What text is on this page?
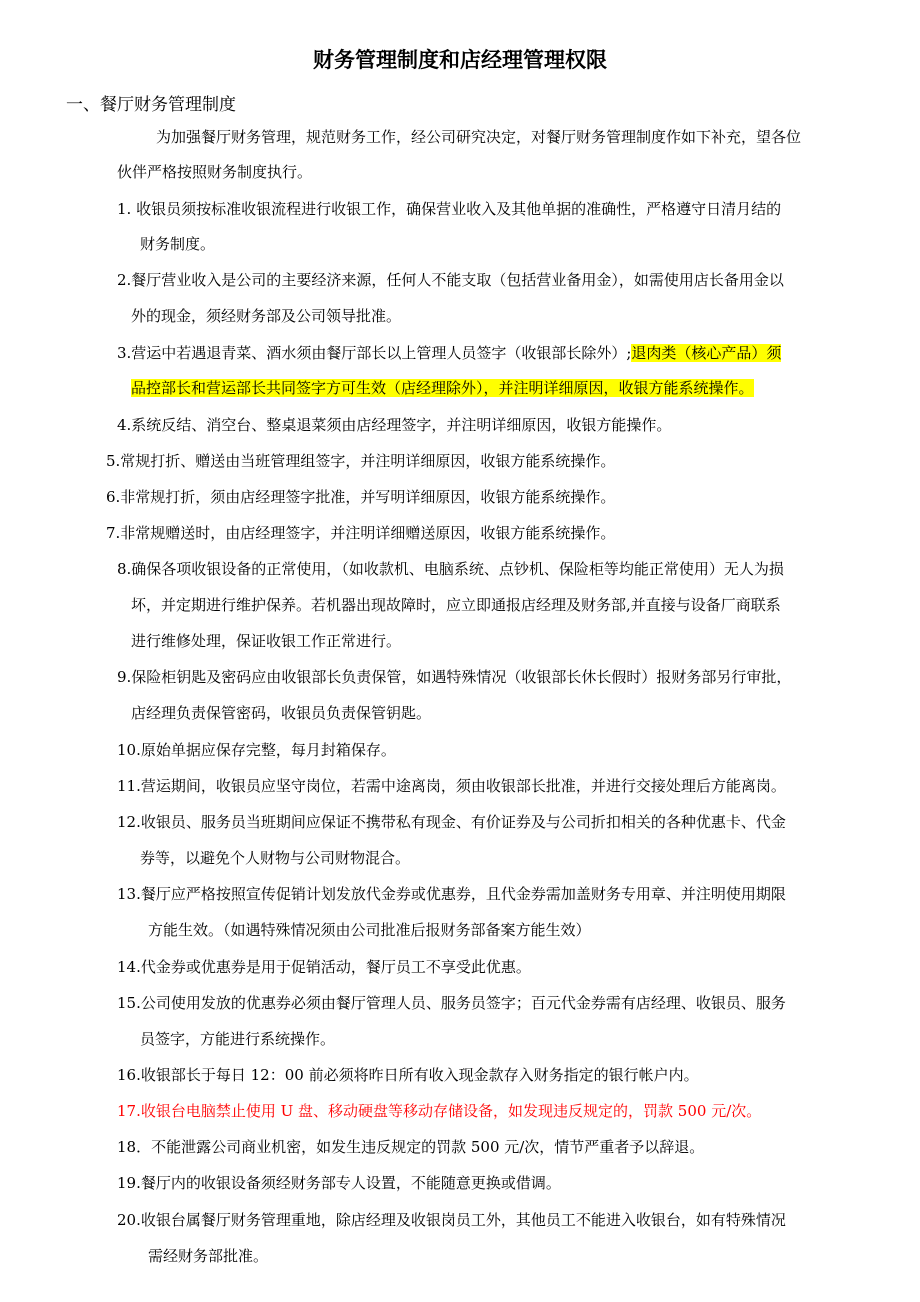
财务管理制度和店经理管理权限
一、餐厅财务管理制度
为加强餐厅财务管理，规范财务工作，经公司研究决定，对餐厅财务管理制度作如下补充，望各位
伙伴严格按照财务制度执行。
1. 收银员须按标准收银流程进行收银工作，确保营业收入及其他单据的准确性，严格遵守日清月结的
财务制度。
2.餐厅营业收入是公司的主要经济来源，任何人不能支取（包括营业备用金），如需使用店长备用金以
外的现金，须经财务部及公司领导批准。
3.营运中若遇退青菜、酒水须由餐厅部长以上管理人员签字（收银部长除外）;退肉类（核心产品）须
品控部长和营运部长共同签字方可生效（店经理除外），并注明详细原因，收银方能系统操作。
4.系统反结、消空台、整桌退菜须由店经理签字，并注明详细原因，收银方能操作。
5.常规打折、赠送由当班管理组签字，并注明详细原因，收银方能系统操作。
6.非常规打折，须由店经理签字批准，并写明详细原因，收银方能系统操作。
7.非常规赠送时，由店经理签字，并注明详细赠送原因，收银方能系统操作。
8.确保各项收银设备的正常使用，（如收款机、电脑系统、点钞机、保险柜等均能正常使用）无人为损
坏，并定期进行维护保养。若机器出现故障时，应立即通报店经理及财务部,并直接与设备厂商联系
进行维修处理，保证收银工作正常进行。
9.保险柜钥匙及密码应由收银部长负责保管，如遇特殊情况（收银部长休长假时）报财务部另行审批，
店经理负责保管密码，收银员负责保管钥匙。
10.原始单据应保存完整，每月封箱保存。
11.营运期间，收银员应坚守岗位，若需中途离岗，须由收银部长批准，并进行交接处理后方能离岗。
12.收银员、服务员当班期间应保证不携带私有现金、有价证券及与公司折扣相关的各种优惠卡、代金
券等，以避免个人财物与公司财物混合。
13.餐厅应严格按照宣传促销计划发放代金券或优惠券，且代金券需加盖财务专用章、并注明使用期限
方能生效。（如遇特殊情况须由公司批准后报财务部备案方能生效）
14.代金券或优惠券是用于促销活动，餐厅员工不享受此优惠。
15.公司使用发放的优惠券必须由餐厅管理人员、服务员签字；百元代金券需有店经理、收银员、服务
员签字，方能进行系统操作。
16.收银部长于每日 12：00 前必须将昨日所有收入现金款存入财务指定的银行帐户内。
17.收银台电脑禁止使用 U 盘、移动硬盘等移动存储设备，如发现违反规定的，罚款 500 元/次。
18．不能泄露公司商业机密，如发生违反规定的罚款 500 元/次，情节严重者予以辞退。
19.餐厅内的收银设备须经财务部专人设置，不能随意更换或借调。
20.收银台属餐厅财务管理重地，除店经理及收银岗员工外，其他员工不能进入收银台，如有特殊情况
需经财务部批准。
